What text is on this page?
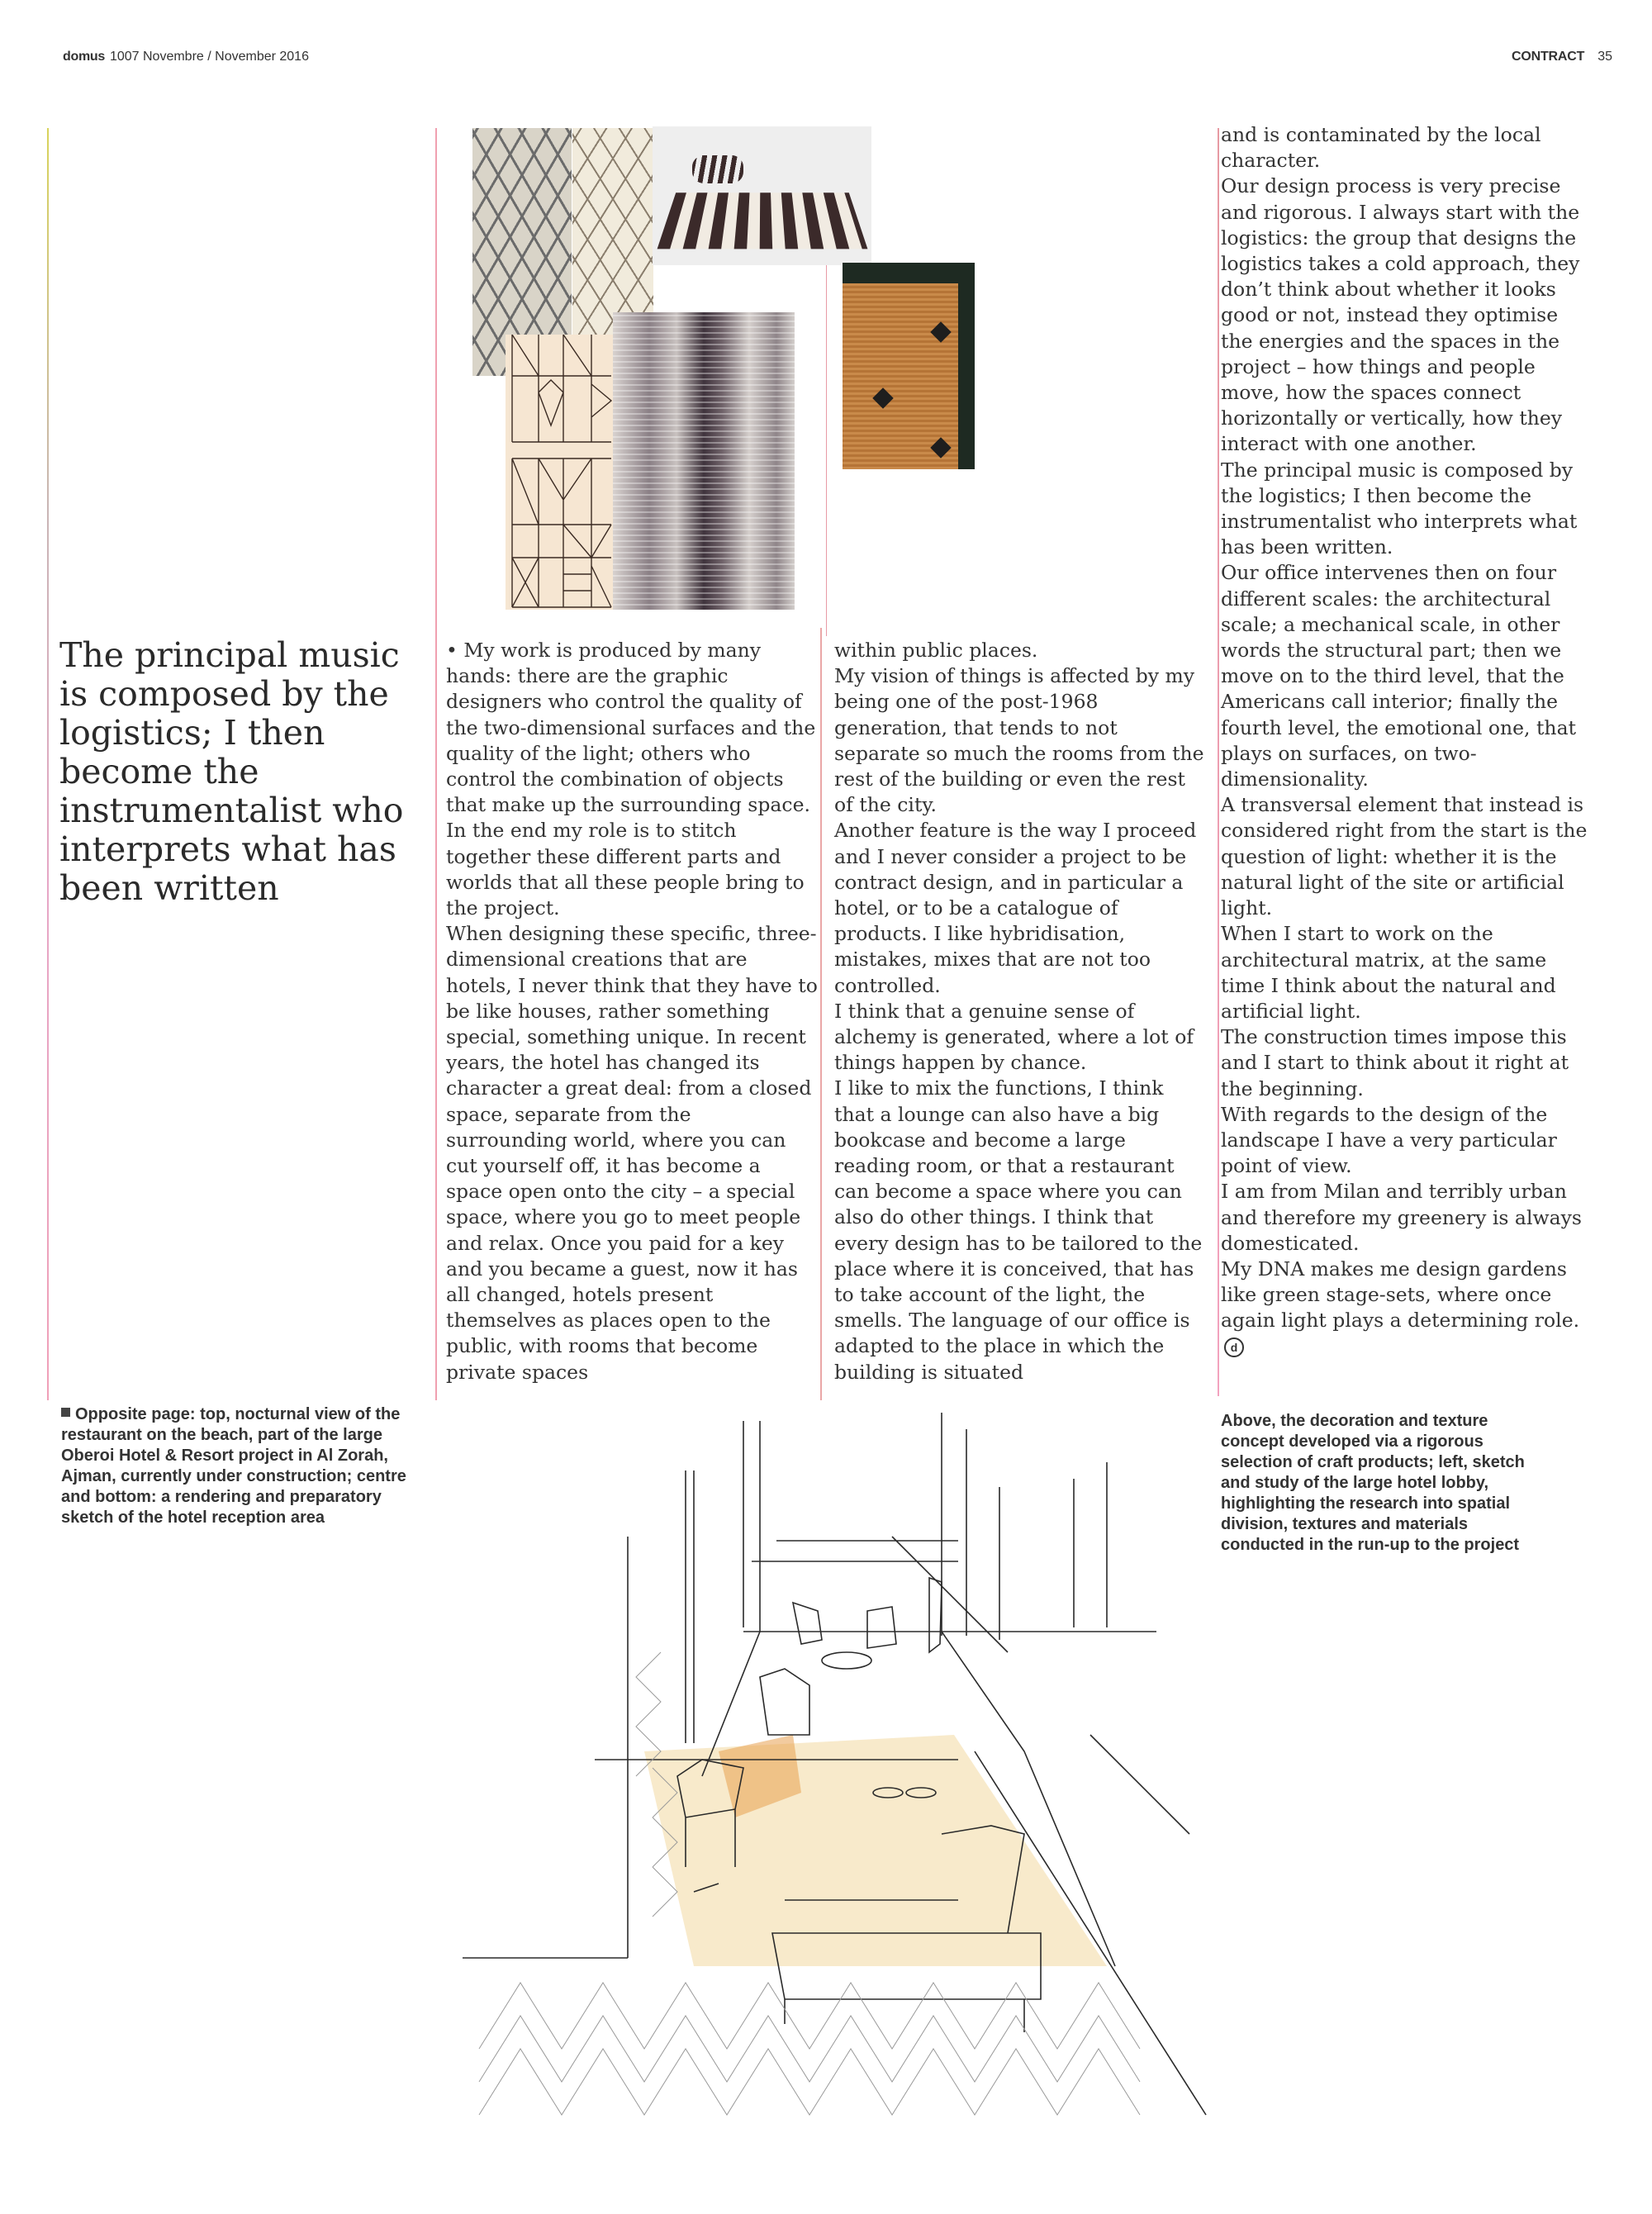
domus 1007 Novembre / November 2016	CONTRACT 35
The principal music is composed by the logistics; I then become the instrumentalist who interprets what has been written

• My work is produced by many hands: there are the graphic designers who control the quality of the two-dimensional surfaces and the quality of the light; others who control the combination of objects that make up the surrounding space. In the end my role is to stitch together these different parts and worlds that all these people bring to the project.

When designing these specific, three-dimensional creations that are hotels, I never think that they have to be like houses, rather something special, something unique. In recent years, the hotel has changed its character a great deal: from a closed space, separate from the surrounding world, where you can cut yourself off, it has become a space open onto the city – a special space, where you go to meet people and relax. Once you paid for a key and you became a guest, now it has all changed, hotels present themselves as places open to the public, with rooms that become private spaces

within public places.

My vision of things is affected by my being one of the post-1968 generation, that tends to not separate so much the rooms from the rest of the building or even the rest of the city.

Another feature is the way I proceed and I never consider a project to be contract design, and in particular a hotel, or to be a catalogue of products. I like hybridisation, mistakes, mixes that are not too controlled.

I think that a genuine sense of alchemy is generated, where a lot of things happen by chance.

I like to mix the functions, I think that a lounge can also have a big bookcase and become a large reading room, or that a restaurant can become a space where you can also do other things. I think that every design has to be tailored to the place where it is conceived, that has to take account of the light, the smells. The language of our office is adapted to the place in which the building is situated

and is contaminated by the local character.

Our design process is very precise and rigorous. I always start with the logistics: the group that designs the logistics takes a cold approach, they don’t think about whether it looks good or not, instead they optimise the energies and the spaces in the project – how things and people move, how the spaces connect horizontally or vertically, how they interact with one another.

The principal music is composed by the logistics; I then become the instrumentalist who interprets what has been written.

Our office intervenes then on four different scales: the architectural scale; a mechanical scale, in other words the structural part; then we move on to the third level, that the Americans call interior; finally the fourth level, the emotional one, that plays on surfaces, on two-dimensionality.

A transversal element that instead is considered right from the start is the question of light: whether it is the natural light of the site or artificial light.

When I start to work on the architectural matrix, at the same time I think about the natural and artificial light.

The construction times impose this and I start to think about it right at the beginning.

With regards to the design of the landscape I have a very particular point of view.

I am from Milan and terribly urban and therefore my greenery is always domesticated.

My DNA makes me design gardens like green stage-sets, where once again light plays a determining role.d

Opposite page: top, nocturnal view of the restaurant on the beach, part of the large Oberoi Hotel & Resort project in Al Zorah, Ajman, currently under construction; centre and bottom: a rendering and preparatory sketch of the hotel reception area
Above, the decoration and texture concept developed via a rigorous selection of craft products; left, sketch and study of the large hotel lobby, highlighting the research into spatial division, textures and materials conducted in the run-up to the project
